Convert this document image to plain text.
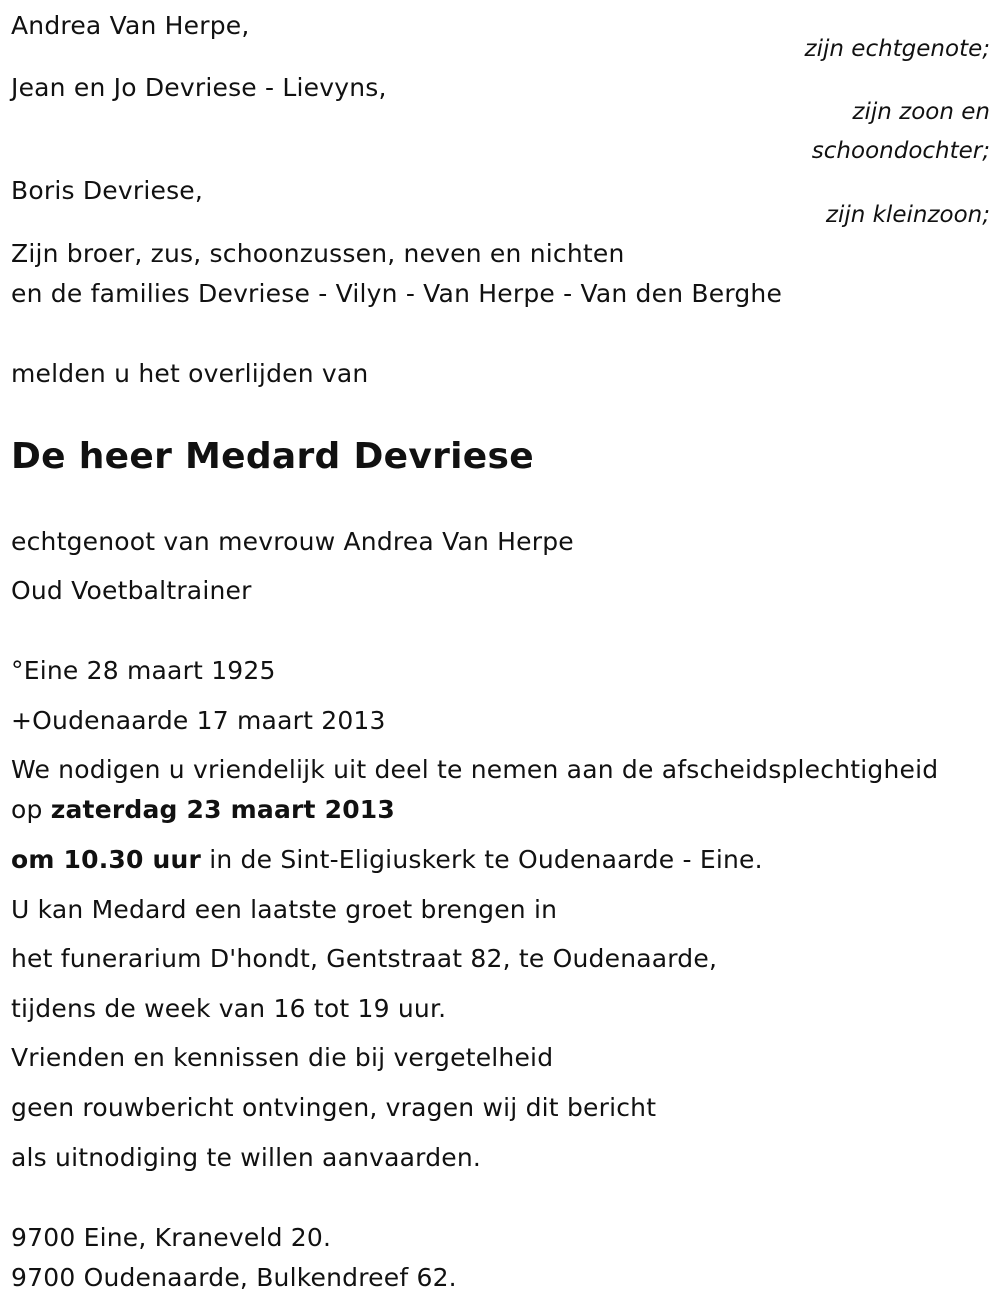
Andrea Van Herpe,
zijn echtgenote;
Jean en Jo Devriese - Lievyns,
zijn zoon en
schoondochter;
Boris Devriese,
zijn kleinzoon;
Zijn broer, zus, schoonzussen, neven en nichten
en de families Devriese - Vilyn - Van Herpe - Van den Berghe
melden u het overlijden van
De heer Medard Devriese
echtgenoot van mevrouw Andrea Van Herpe
Oud Voetbaltrainer
°Eine 28 maart 1925
+Oudenaarde 17 maart 2013
We nodigen u vriendelijk uit deel te nemen aan de afscheidsplechtigheid
op zaterdag 23 maart 2013
om 10.30 uur in de Sint-Eligiuskerk te Oudenaarde - Eine.
U kan Medard een laatste groet brengen in
het funerarium D'hondt, Gentstraat 82, te Oudenaarde,
tijdens de week van 16 tot 19 uur.
Vrienden en kennissen die bij vergetelheid
geen rouwbericht ontvingen, vragen wij dit bericht
als uitnodiging te willen aanvaarden.
9700 Eine, Kraneveld 20.
9700 Oudenaarde, Bulkendreef 62.
